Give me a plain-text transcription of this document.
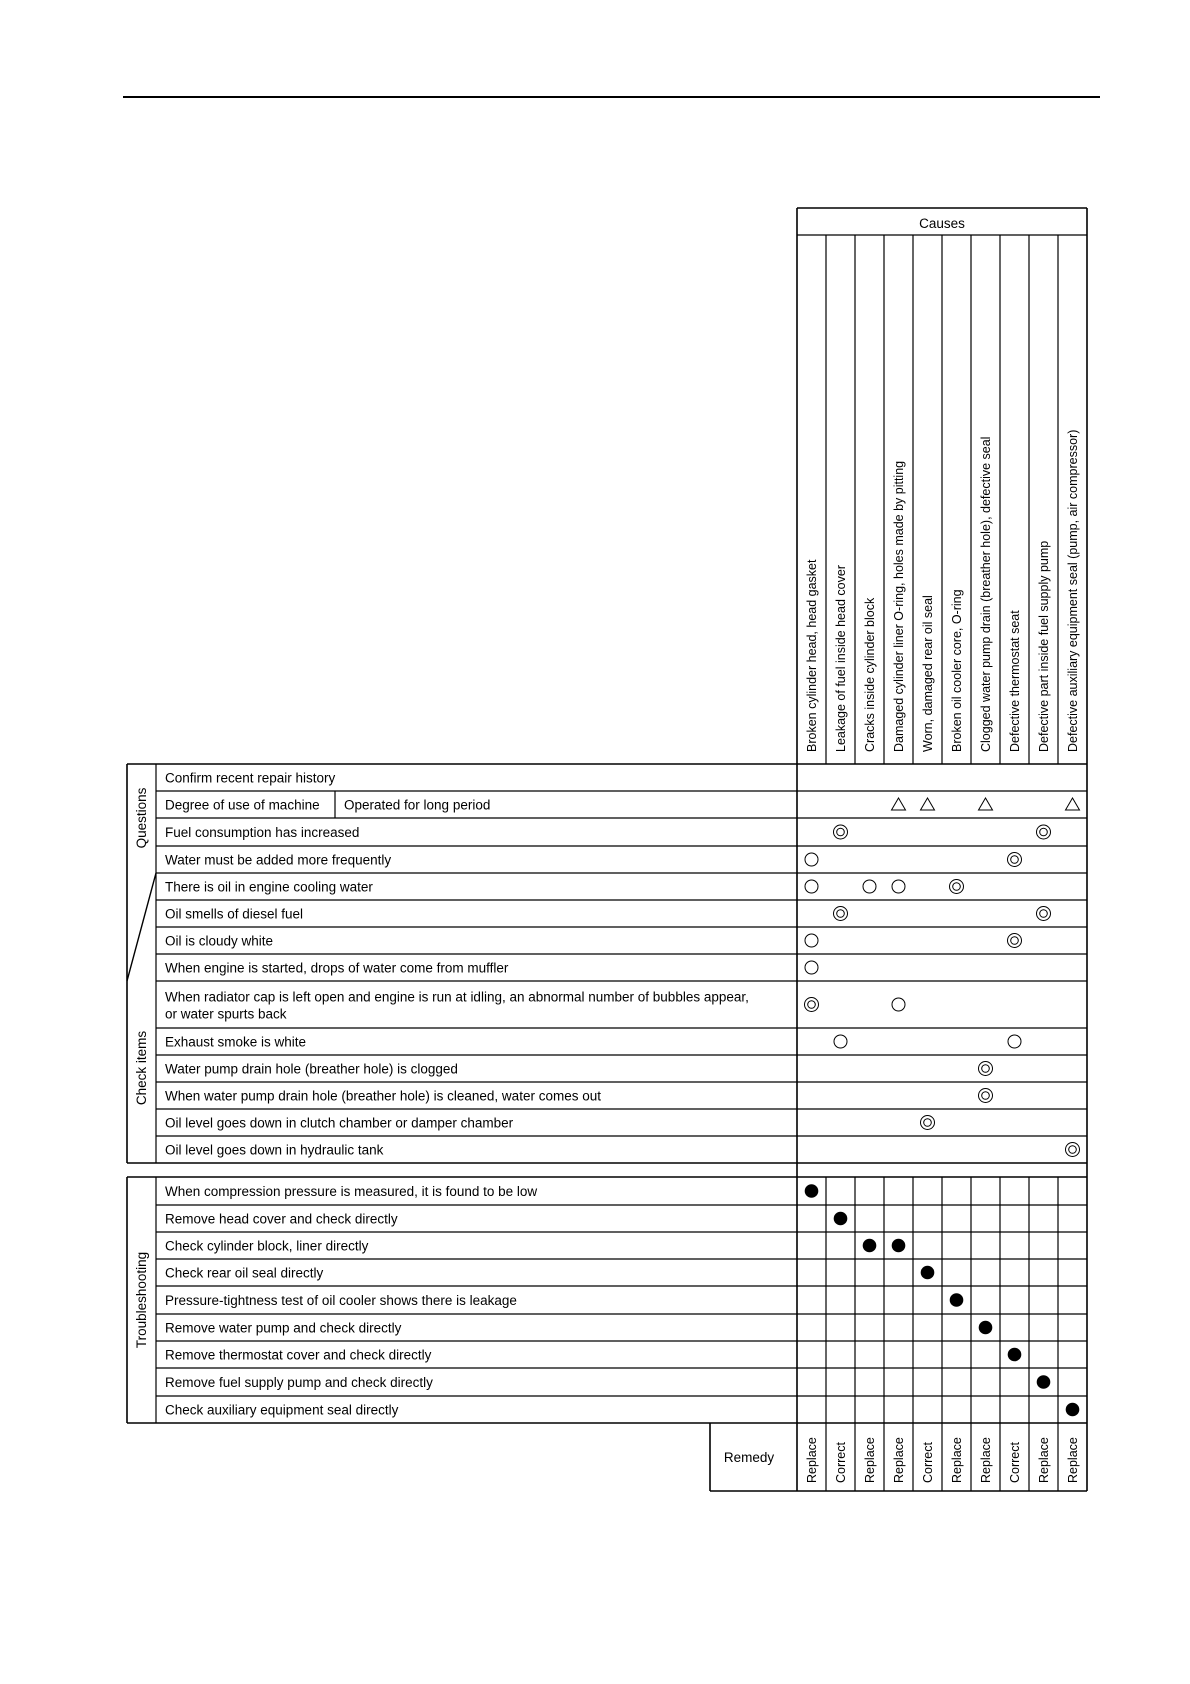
Causes
Broken cylinder head, head gasket Leakage of fuel inside head cover Cracks inside cylinder block Damaged cylinder liner O-ring, holes made by pitting Worn, damaged rear oil seal Broken oil cooler core, O-ring Clogged water pump drain (breather hole), defective seal Defective thermostat seat Defective part inside fuel supply pump Defective auxiliary equipment seal (pump, air compressor)
Questions
Check items
Confirm recent repair history
Degree of use of machine Operated for long period
Fuel consumption has increased
Water must be added more frequently
There is oil in engine cooling water
Oil smells of diesel fuel
Oil is cloudy white
When engine is started, drops of water come from muffler
When radiator cap is left open and engine is run at idling, an abnormal number of bubbles appear,
or water spurts back
Exhaust smoke is white
Water pump drain hole (breather hole) is clogged
When water pump drain hole (breather hole) is cleaned, water comes out
Oil level goes down in clutch chamber or damper chamber
Oil level goes down in hydraulic tank
Troubleshooting
When compression pressure is measured, it is found to be low
Remove head cover and check directly
Check cylinder block, liner directly
Check rear oil seal directly
Pressure-tightness test of oil cooler shows there is leakage
Remove water pump and check directly
Remove thermostat cover and check directly
Remove fuel supply pump and check directly
Check auxiliary equipment seal directly
Remedy Replace Correct Replace Replace Correct Replace Replace Correct Replace Replace
